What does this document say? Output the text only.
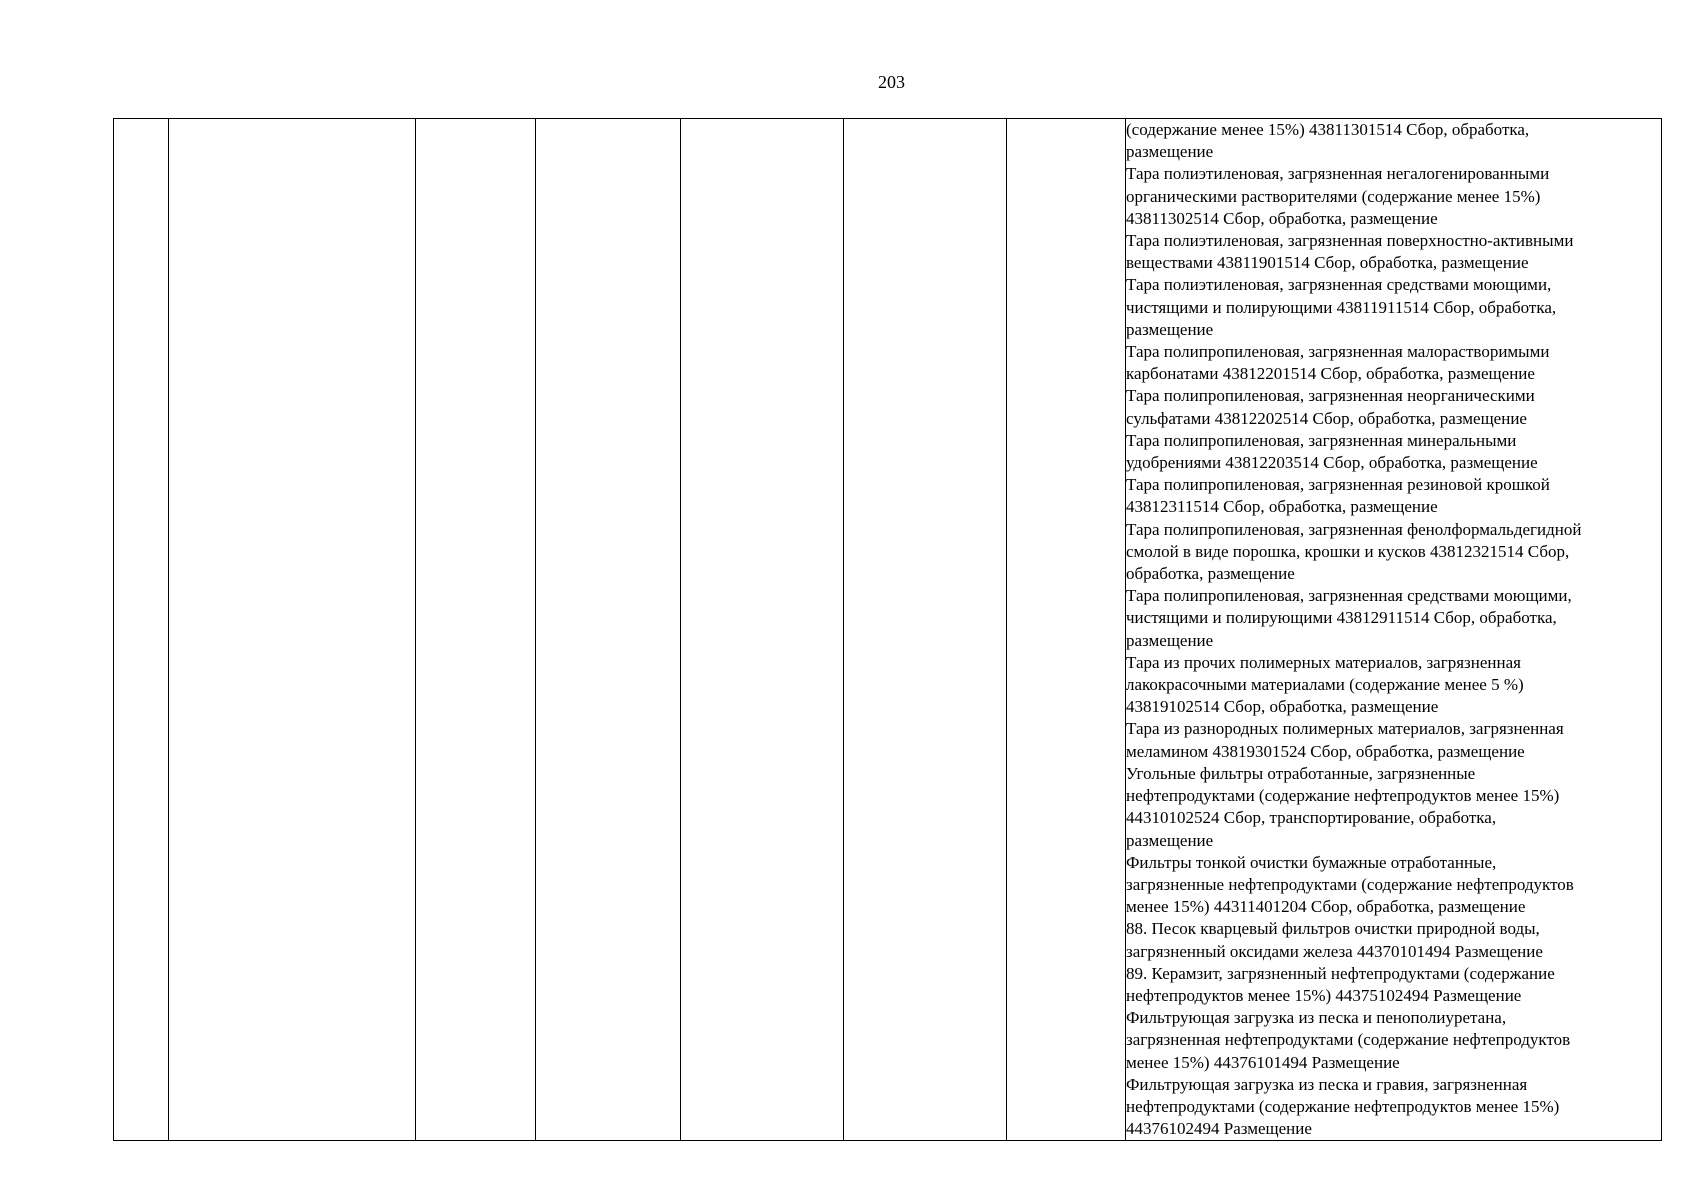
203

(содержание менее 15%) 43811301514 Сбор, обработка,
размещение
Тара полиэтиленовая, загрязненная негалогенированными
органическими растворителями (содержание менее 15%)
43811302514 Сбор, обработка, размещение
Тара полиэтиленовая, загрязненная поверхностно-активными
веществами 43811901514 Сбор, обработка, размещение
Тара полиэтиленовая, загрязненная средствами моющими,
чистящими и полирующими 43811911514 Сбор, обработка,
размещение
Тара полипропиленовая, загрязненная малорастворимыми
карбонатами 43812201514 Сбор, обработка, размещение
Тара полипропиленовая, загрязненная неорганическими
сульфатами 43812202514 Сбор, обработка, размещение
Тара полипропиленовая, загрязненная минеральными
удобрениями 43812203514 Сбор, обработка, размещение
Тара полипропиленовая, загрязненная резиновой крошкой
43812311514 Сбор, обработка, размещение
Тара полипропиленовая, загрязненная фенолформальдегидной
смолой в виде порошка, крошки и кусков 43812321514 Сбор,
обработка, размещение
Тара полипропиленовая, загрязненная средствами моющими,
чистящими и полирующими 43812911514 Сбор, обработка,
размещение
Тара из прочих полимерных материалов, загрязненная
лакокрасочными материалами (содержание менее 5 %)
43819102514 Сбор, обработка, размещение
Тара из разнородных полимерных материалов, загрязненная
меламином 43819301524 Сбор, обработка, размещение
Угольные фильтры отработанные, загрязненные
нефтепродуктами (содержание нефтепродуктов менее 15%)
44310102524 Сбор, транспортирование, обработка,
размещение
Фильтры тонкой очистки бумажные отработанные,
загрязненные нефтепродуктами (содержание нефтепродуктов
менее 15%) 44311401204 Сбор, обработка, размещение
88. Песок кварцевый фильтров очистки природной воды,
загрязненный оксидами железа 44370101494 Размещение
89. Керамзит, загрязненный нефтепродуктами (содержание
нефтепродуктов менее 15%) 44375102494 Размещение
Фильтрующая загрузка из песка и пенополиуретана,
загрязненная нефтепродуктами (содержание нефтепродуктов
менее 15%) 44376101494 Размещение
Фильтрующая загрузка из песка и гравия, загрязненная
нефтепродуктами (содержание нефтепродуктов менее 15%)
44376102494 Размещение
